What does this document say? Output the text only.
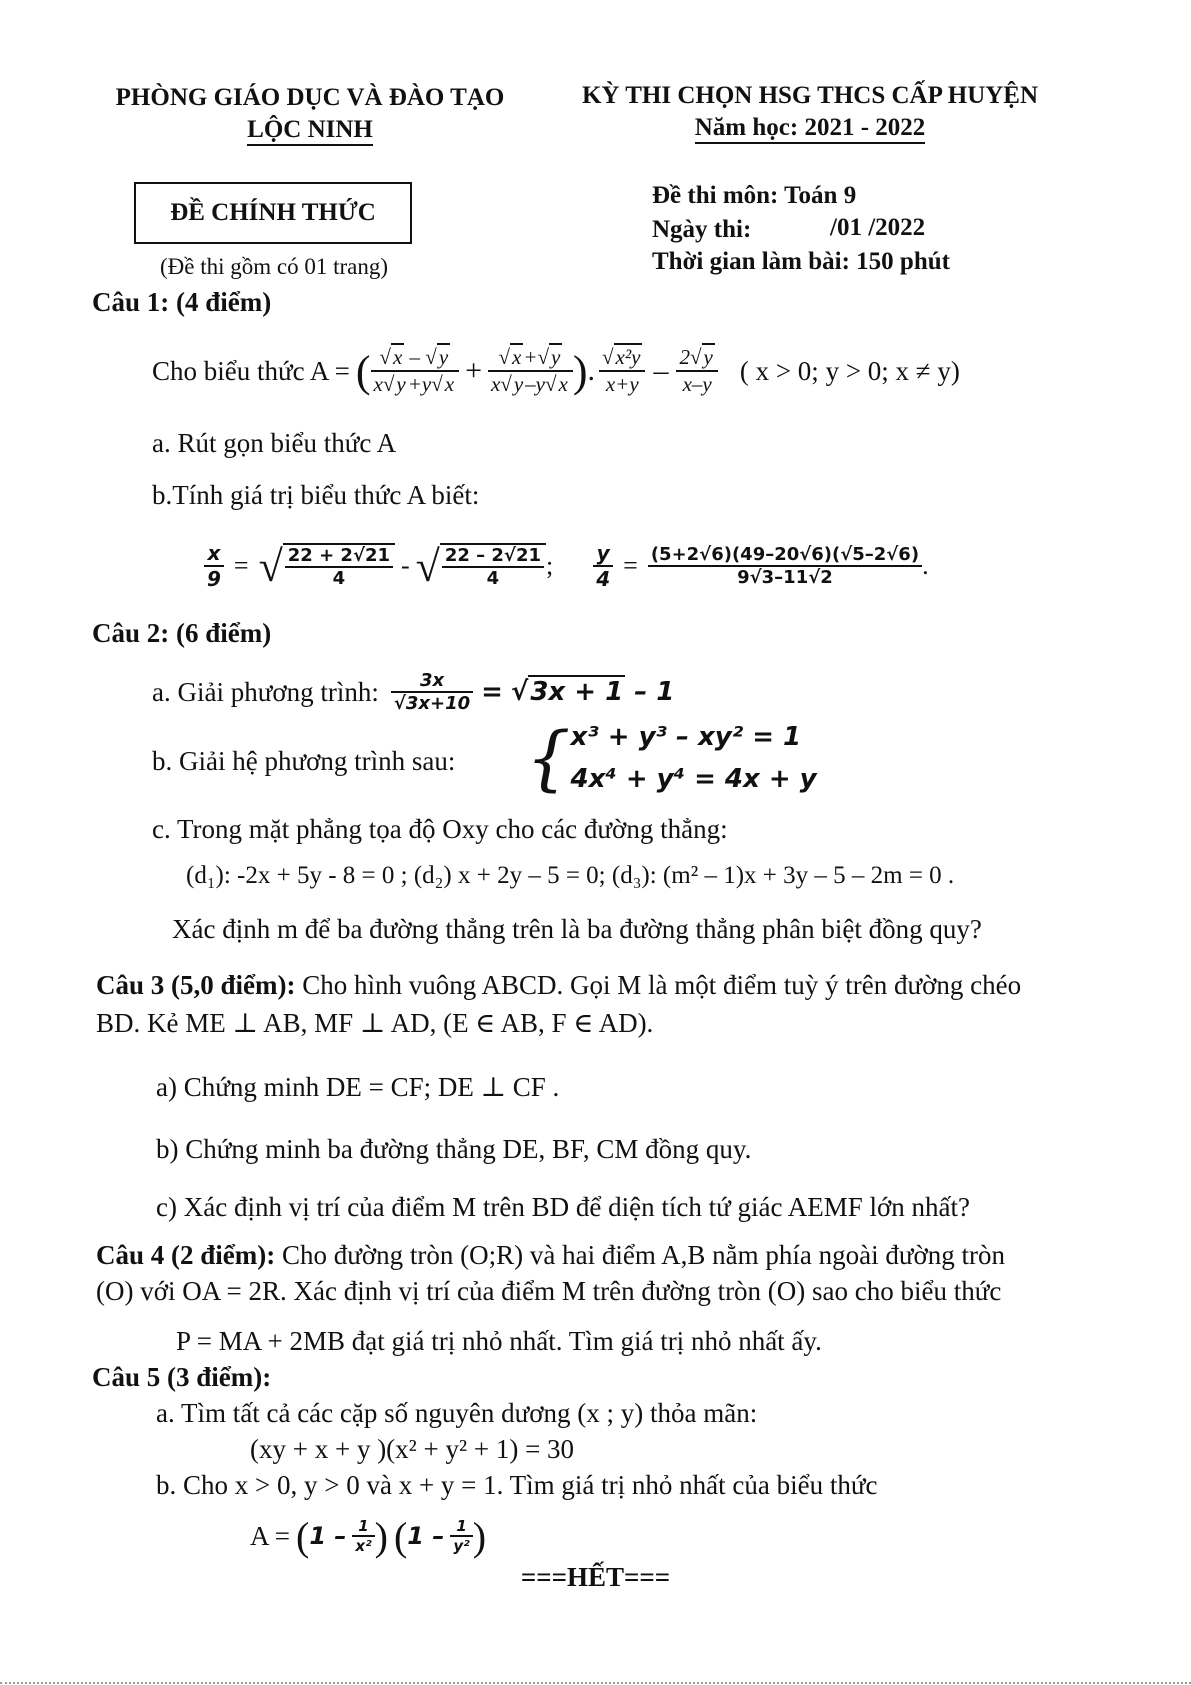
PHÒNG GIÁO DỤC VÀ ĐÀO TẠO
LỘC NINH
KỲ THI CHỌN HSG THCS CẤP HUYỆN
Năm học: 2021 - 2022
ĐỀ CHÍNH THỨC
(Đề thi gồm có 01 trang)
Đề thi môn: Toán 9
Ngày thi:	/01 /2022
Thời gian làm bài: 150 phút
Câu 1: (4 điểm)
Cho biểu thức A = ( $\frac{√x - √y}{x√y+y√x} + \frac{√x+√y}{x√y-y√x}$ ) . $\frac{\text{√x²y}}{x+y} - \frac{2√y}{x-y}$ ( x > 0; y > 0; x ≠ y)
a. Rút gọn biểu thức A
b.Tính giá trị biểu thức A biết:
$\frac{x}{9}$ = √ $\frac{22 + 2√21}{4}$ - √ $\frac{22 - 2√21}{4}$ ; $\frac{y}{4} = \frac{(5+2√6)(49-20√6)(√5-2√6)}{9√3-11√2}$ .
Câu 2: (6 điểm)
a. Giải phương trình: $\frac{3x}{√3x+10} = √3x + 1 - 1$
b. Giải hệ phương trình sau: { x³ + y³ – xy² = 1
4x⁴ + y⁴ = 4x + y
c. Trong mặt phẳng tọa độ Oxy cho các đường thẳng:
(d₁): -2x + 5y - 8 = 0 ; (d₂) x + 2y – 5 = 0; (d₃): (m² – 1)x + 3y – 5 – 2m = 0 .
Xác định m để ba đường thẳng trên là ba đường thẳng phân biệt đồng quy?
Câu 3 (5,0 điểm): Cho hình vuông ABCD. Gọi M là một điểm tuỳ ý trên đường chéo
BD. Kẻ ME ⊥ AB, MF ⊥ AD, (E ∈ AB, F ∈ AD).
a) Chứng minh DE = CF; DE ⊥ CF .
b) Chứng minh ba đường thẳng DE, BF, CM đồng quy.
c) Xác định vị trí của điểm M trên BD để diện tích tứ giác AEMF lớn nhất?
Câu 4 (2 điểm): Cho đường tròn (O;R) và hai điểm A,B nằm phía ngoài đường tròn
(O) với OA = 2R. Xác định vị trí của điểm M trên đường tròn (O) sao cho biểu thức
P = MA + 2MB đạt giá trị nhỏ nhất. Tìm giá trị nhỏ nhất ấy.
Câu 5 (3 điểm):
a. Tìm tất cả các cặp số nguyên dương (x ; y) thỏa mãn:
(xy + x + y )(x² + y² + 1) = 30
b. Cho x > 0, y > 0 và x + y = 1. Tìm giá trị nhỏ nhất của biểu thức
A = ( $1 - \frac{1}{\text{x²}}$ ) ( $1 - \frac{1}{\text{y²}}$ )
===HẾT===
